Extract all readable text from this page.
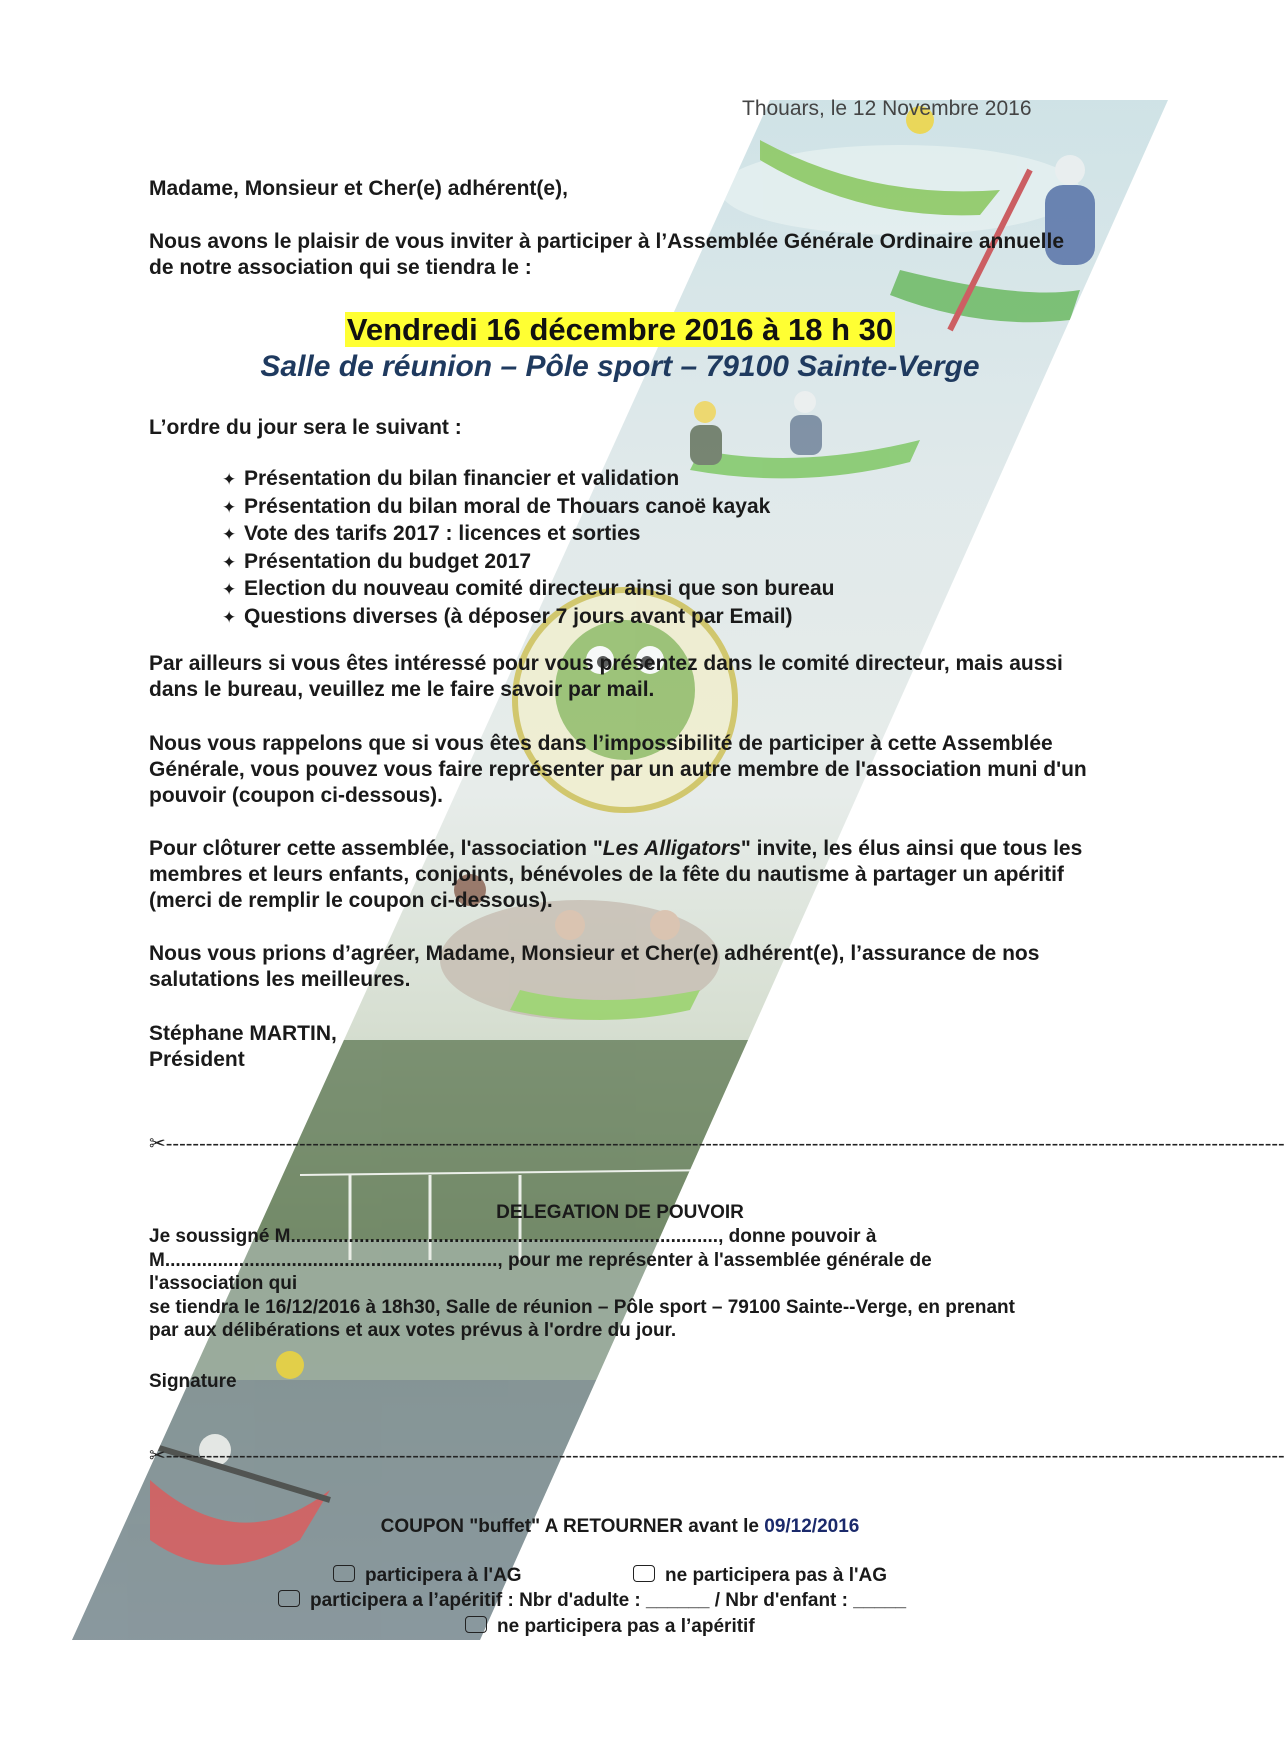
Thouars, le 12 Novembre 2016
Madame, Monsieur et Cher(e) adhérent(e),
Nous avons le plaisir de vous inviter à participer à l’Assemblée Générale Ordinaire annuelle de notre association qui se tiendra le :
Vendredi 16 décembre 2016 à 18 h 30
Salle de réunion – Pôle sport – 79100 Sainte-Verge
L’ordre du jour sera le suivant :
✦ Présentation du bilan financier et validation
✦ Présentation du bilan moral de Thouars canoë kayak
✦ Vote des tarifs 2017 : licences et sorties
✦ Présentation du budget 2017
✦ Election du nouveau comité directeur ainsi que son bureau
✦ Questions diverses (à déposer 7 jours avant par Email)
Par ailleurs si vous êtes intéressé pour vous présentez dans le comité directeur, mais aussi dans le bureau, veuillez me le faire savoir par mail.
Nous vous rappelons que si vous êtes dans l’impossibilité de participer à cette Assemblée Générale, vous pouvez vous faire représenter par un autre membre de l'association muni d'un pouvoir (coupon ci-dessous).
Pour clôturer cette assemblée, l'association "Les Alligators" invite, les élus ainsi que tous les membres et leurs enfants, conjoints, bénévoles de la fête du nautisme à partager un apéritif (merci de remplir le coupon ci-dessous).
Nous vous prions d’agréer, Madame, Monsieur et Cher(e) adhérent(e), l’assurance de nos salutations les meilleures.
Stéphane MARTIN,
Président
✂------------------------------------------------------------------------------------------------------------------------------------------------------------------------
DELEGATION DE POUVOIR
Je soussigné M................................................................................., donne pouvoir à
M..............................................................., pour me représenter à l'assemblée générale de l'association qui
se tiendra le 16/12/2016 à 18h30, Salle de réunion – Pôle sport – 79100 Sainte--Verge, en prenant par aux délibérations et aux votes prévus à l'ordre du jour.
Signature
✂------------------------------------------------------------------------------------------------------------------------------------------------------------------------
COUPON "buffet" A RETOURNER avant le 09/12/2016
participera à l'AG	ne participera pas à l'AG
participera a l’apéritif : Nbr d'adulte : ______ / Nbr d'enfant : _____
ne participera pas a l’apéritif
